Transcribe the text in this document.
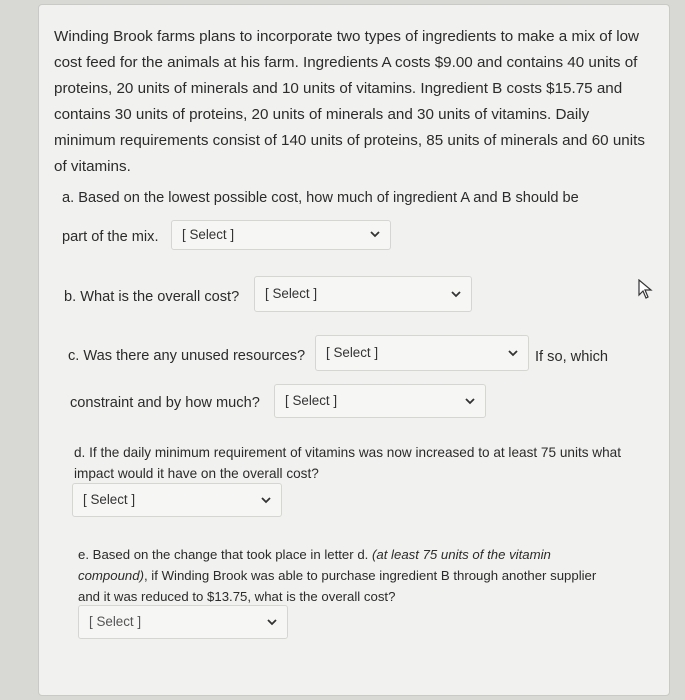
Winding Brook farms plans to incorporate two types of ingredients to make a mix of low cost feed for the animals at his farm. Ingredients A costs $9.00 and contains 40 units of proteins, 20 units of minerals and 10 units of vitamins. Ingredient B costs $15.75 and contains 30 units of proteins, 20 units of minerals and 30 units of vitamins. Daily minimum requirements consist of 140 units of proteins, 85 units of minerals and 60 units of vitamins.

a. Based on the lowest possible cost, how much of ingredient A and B should be

part of the mix. [ Select ]

b. What is the overall cost? [ Select ]

c. Was there any unused resources? [ Select ]	If so, which

constraint and by how much? [ Select ]

d. If the daily minimum requirement of vitamins was now increased to at least 75 units what impact would it have on the overall cost?

[ Select ]

e. Based on the change that took place in letter d. (at least 75 units of the vitamin compound), if Winding Brook was able to purchase ingredient B through another supplier and it was reduced to $13.75, what is the overall cost?

[ Select ]
